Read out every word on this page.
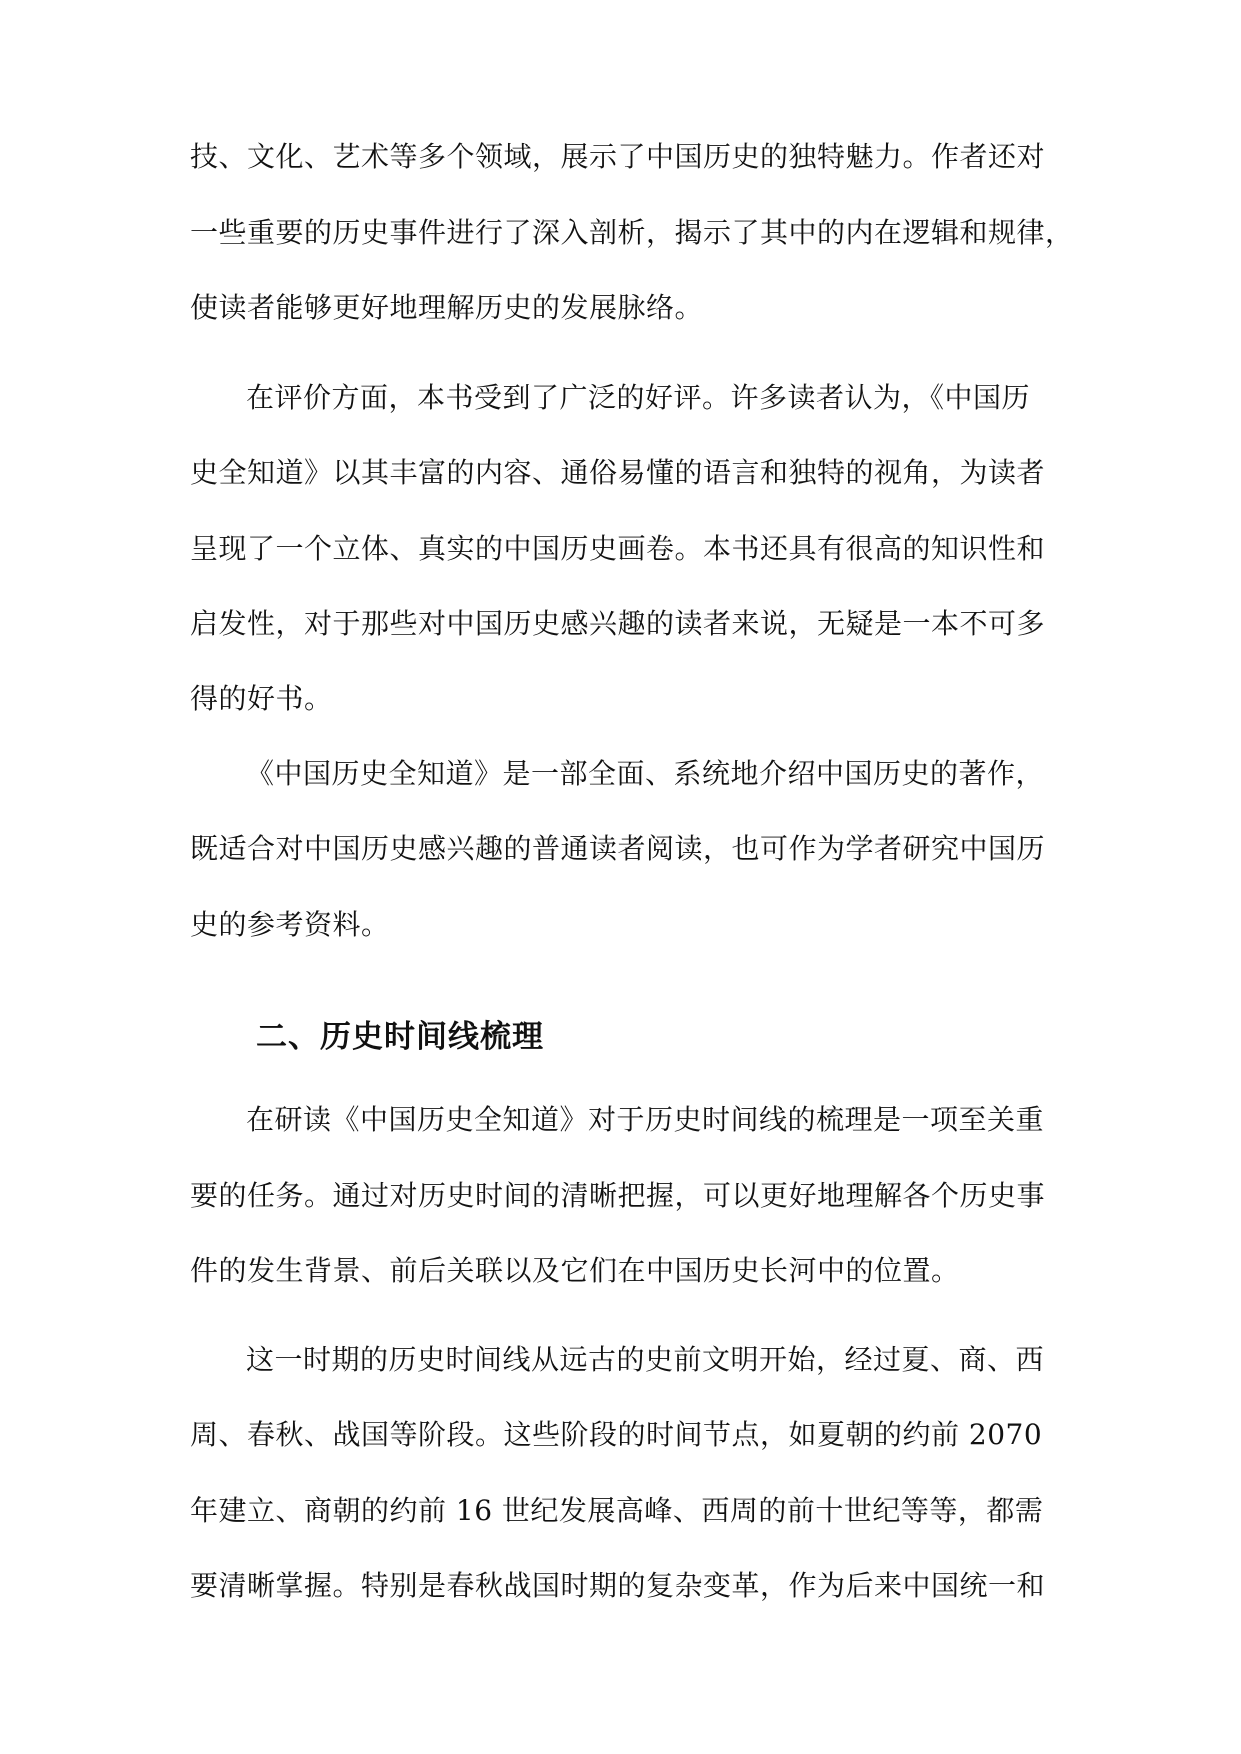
技、文化、艺术等多个领域，展示了中国历史的独特魅力。作者还对
一些重要的历史事件进行了深入剖析，揭示了其中的内在逻辑和规律，
使读者能够更好地理解历史的发展脉络。
在评价方面，本书受到了广泛的好评。许多读者认为，《中国历
史全知道》以其丰富的内容、通俗易懂的语言和独特的视角，为读者
呈现了一个立体、真实的中国历史画卷。本书还具有很高的知识性和
启发性，对于那些对中国历史感兴趣的读者来说，无疑是一本不可多
得的好书。
《中国历史全知道》是一部全面、系统地介绍中国历史的著作，
既适合对中国历史感兴趣的普通读者阅读，也可作为学者研究中国历
史的参考资料。
二、历史时间线梳理
在研读《中国历史全知道》对于历史时间线的梳理是一项至关重
要的任务。通过对历史时间的清晰把握，可以更好地理解各个历史事
件的发生背景、前后关联以及它们在中国历史长河中的位置。
这一时期的历史时间线从远古的史前文明开始，经过夏、商、西
周、春秋、战国等阶段。这些阶段的时间节点，如夏朝的约前 2070
年建立、商朝的约前 16 世纪发展高峰、西周的前十世纪等等，都需
要清晰掌握。特别是春秋战国时期的复杂变革，作为后来中国统一和
